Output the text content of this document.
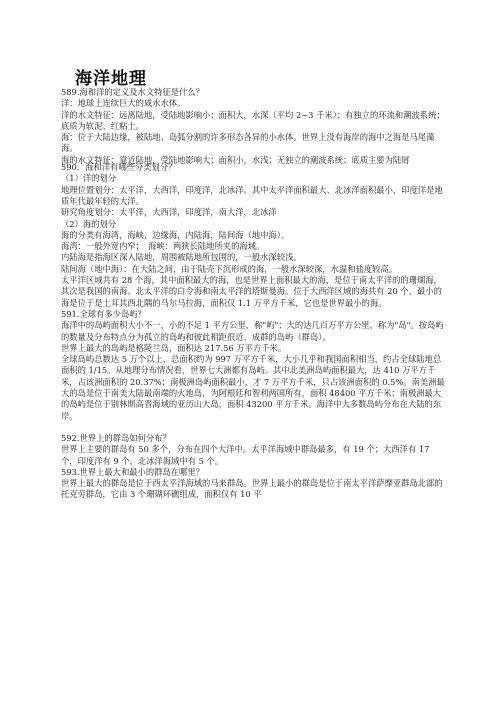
海洋地理

589.海和洋的定义及水文特征是什么？

洋：地球上连续巨大的咸水水体。

洋的水文特征：远离陆地，受陆地影响小；面积大，水深（平均 2~3 千米）；有独立的环流和潮波系统；底质为软泥、红粘土。

海：位于大陆边缘，被陆地、岛弧分割的许多形态各异的小水体。世界上没有海岸的海中之海是马尾藻海。

海的水文特征：靠近陆地，受陆地影响大；面积小，水浅；无独立的潮波系统；底质主要为陆屑

590．海和洋有哪些分类划分？

（1）洋的划分

地理位置划分：太平洋，大西洋，印度洋，北冰洋。其中太平洋面积最大、北冰洋面积最小，印度洋是地质年代最年轻的大洋。

研究角度划分：太平洋，大西洋，印度洋，南大洋，北冰洋

（2）海的划分

海的分类有海湾，海峡，边缘海，内陆海，陆间海（地中海）。

海湾：一般外宽内窄；　海峡：两狭长陆地所夹的海域。

内陆海是指海区深入陆地，周围被陆地所包围的，一般水深较浅。

陆间海（地中海）：在大陆之间，由于陆壳下沉形成的海，一般水深较深，水温和盐度较高。

太平洋区域共有 28 个海，其中面积最大的海，也是世界上面积最大的海，是位于南太平洋的的珊瑚海，其次是我国的南海、北太平洋的白令海和南太平洋的塔斯曼海。位于大西洋区域的海共有 20 个，最小的海是位于是土耳其西北隅的马尔马拉海，面积仅 1.1 万平方千米，它也是世界最小的海。

591.全球有多少岛屿？

海洋中的岛屿面积大小不一，小的不足 1 平方公里，称"屿"；大的达几百万平方公里，称为"岛"。按岛屿的数量及分布特点分为孤立的岛屿和彼此相距很近、成群的岛屿（群岛）。

世界上最大的岛屿是格陵兰岛，面积达 217.56 万平方千米。

全球岛屿总数达 5 万个以上，总面积约为 997 万平方千米，大小几乎和我国面积相当，约占全球陆地总面积的 1/15。从地理分布情况看，世界七大洲都有岛屿。其中北美洲岛屿面积最大，达 410 万平方千米，占该洲面积的 20.37%；南极洲岛屿面积最小，才 7 万平方千米，只占该洲面积的 0.5%。南美洲最大的岛是位于南美大陆最南端的火地岛，为阿根廷和智利两国所有，面积 48400 平方千米；南极洲最大的岛屿是位于别林斯高晋海域的亚历山大岛，面积 43200 平方千米。海洋中大多数岛屿分布在大陆的东岸。

592.世界上的群岛如何分布？

世界上主要的群岛有 50 多个，分布在四个大洋中。太平洋海域中群岛最多，有 19 个；大西洋有 17 个，印度洋有 9 个，北冰洋海域中有 5 个。

593.世界上最大和最小的群岛在哪里？

世界上最大的群岛是位于西太平洋海域的马来群岛。世界上最小的群岛是位于南太平洋萨摩亚群岛北部的托克劳群岛，它由 3 个珊瑚环礁组成，面积仅有 10 平
